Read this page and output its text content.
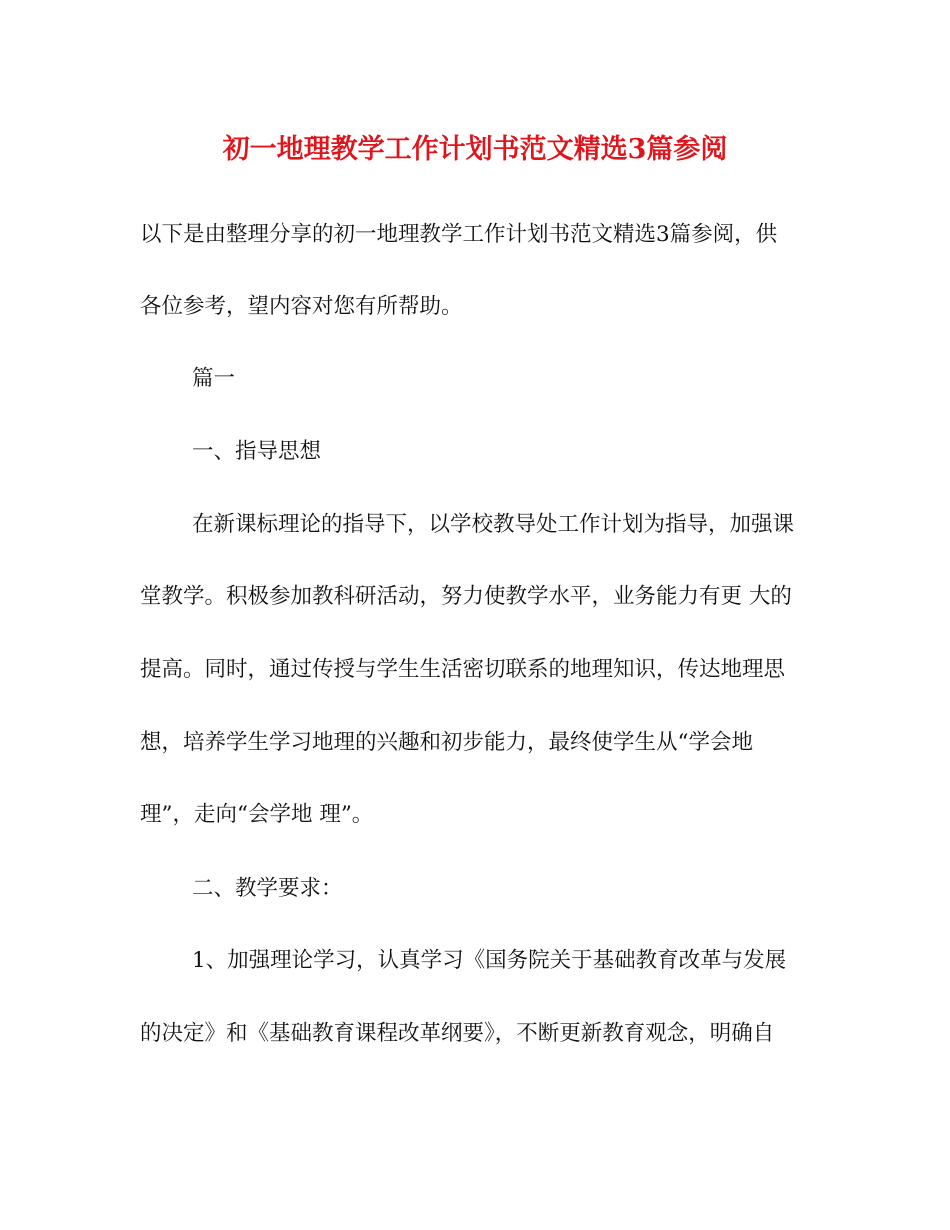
初一地理教学工作计划书范文精选3篇参阅

以下是由整理分享的初一地理教学工作计划书范文精选3篇参阅，供

各位参考，望内容对您有所帮助。

篇一

一、指导思想

在新课标理论的指导下，以学校教导处工作计划为指导，加强课

堂教学。积极参加教科研活动，努力使教学水平，业务能力有更 大的

提高。同时，通过传授与学生生活密切联系的地理知识，传达地理思

想，培养学生学习地理的兴趣和初步能力，最终使学生从“学会地

理”，走向“会学地 理”。

二、教学要求：

1、加强理论学习，认真学习《国务院关于基础教育改革与发展

的决定》和《基础教育课程改革纲要》，不断更新教育观念，明确自
